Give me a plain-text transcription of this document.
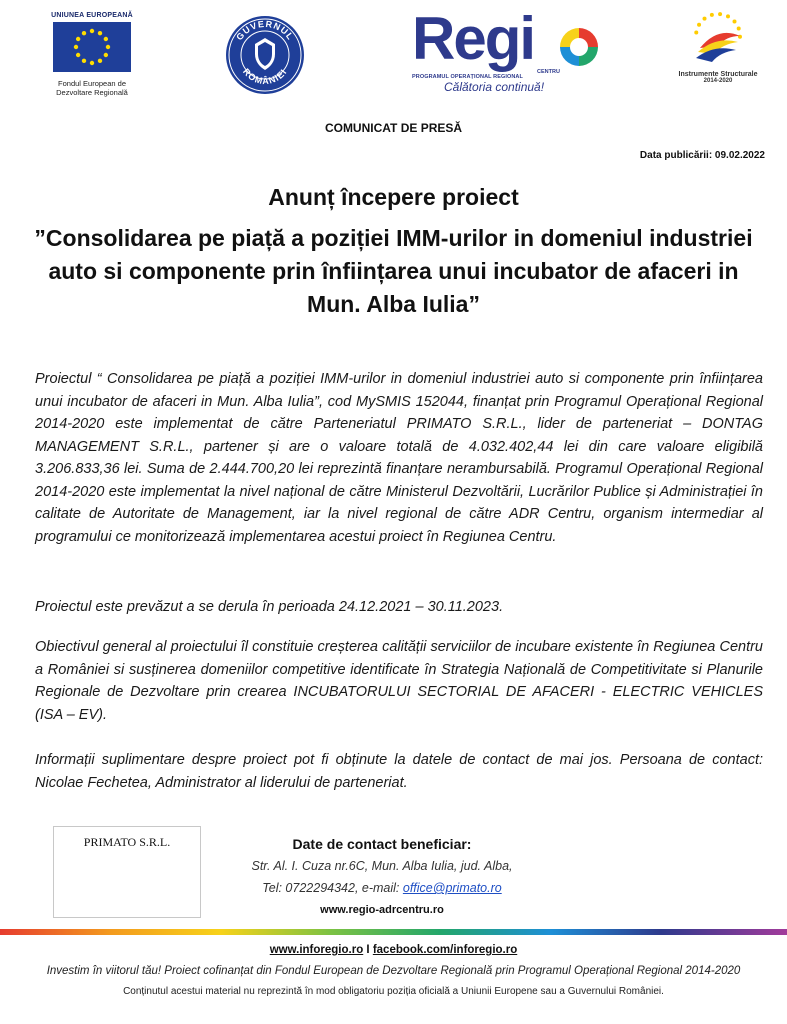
UNIUNEA EUROPEANĂ
Fondul European de
Dezvoltare Regională
GUVERNUL
ROMÂNIEI Regi
PROGRAMUL OPERAȚIONAL REGIONAL
CENTRU
Călătoria continuă!
Instrumente Structurale
2014-2020
COMUNICAT DE PRESĂ
Data publicării: 09.02.2022
Anunț începere proiect
”Consolidarea pe piață a poziției IMM-urilor in domeniul industriei auto si componente prin înființarea unui incubator de afaceri in Mun. Alba Iulia”
Proiectul “ Consolidarea pe piață a poziției IMM-urilor in domeniul industriei auto si componente prin înființarea unui incubator de afaceri in Mun. Alba Iulia”, cod MySMIS 152044, finanțat prin Programul Operațional Regional 2014-2020 este implementat de către Parteneriatul PRIMATO S.R.L., lider de parteneriat – DONTAG MANAGEMENT S.R.L., partener și are o valoare totală de 4.032.402,44 lei din care valoare eligibilă 3.206.833,36 lei. Suma de 2.444.700,20 lei reprezintă finanțare nerambursabilă. Programul Operațional Regional 2014-2020 este implementat la nivel național de către Ministerul Dezvoltării, Lucrărilor Publice și Administrației în calitate de Autoritate de Management, iar la nivel regional de către ADR Centru, organism intermediar al programului ce monitorizează implementarea acestui proiect în Regiunea Centru.
Proiectul este prevăzut a se derula în perioada 24.12.2021 – 30.11.2023.
Obiectivul general al proiectului îl constituie creșterea calității serviciilor de incubare existente în Regiunea Centru a României si susținerea domeniilor competitive identificate în Strategia Națională de Competitivitate si Planurile Regionale de Dezvoltare prin crearea INCUBATORULUI SECTORIAL DE AFACERI - ELECTRIC VEHICLES (ISA – EV).
Informații suplimentare despre proiect pot fi obținute la datele de contact de mai jos. Persoana de contact: Nicolae Fechetea, Administrator al liderului de parteneriat.
PRIMATO S.R.L.	Date de contact beneficiar:
Str. Al. I. Cuza nr.6C, Mun. Alba Iulia, jud. Alba,
Tel: 0722294342, e-mail: office@primato.ro
www.regio-adrcentru.ro
www.inforegio.ro I facebook.com/inforegio.ro
Investim în viitorul tău! Proiect cofinanțat din Fondul European de Dezvoltare Regională prin Programul Operațional Regional 2014-2020
Conținutul acestui material nu reprezintă în mod obligatoriu poziția oficială a Uniunii Europene sau a Guvernului României.
